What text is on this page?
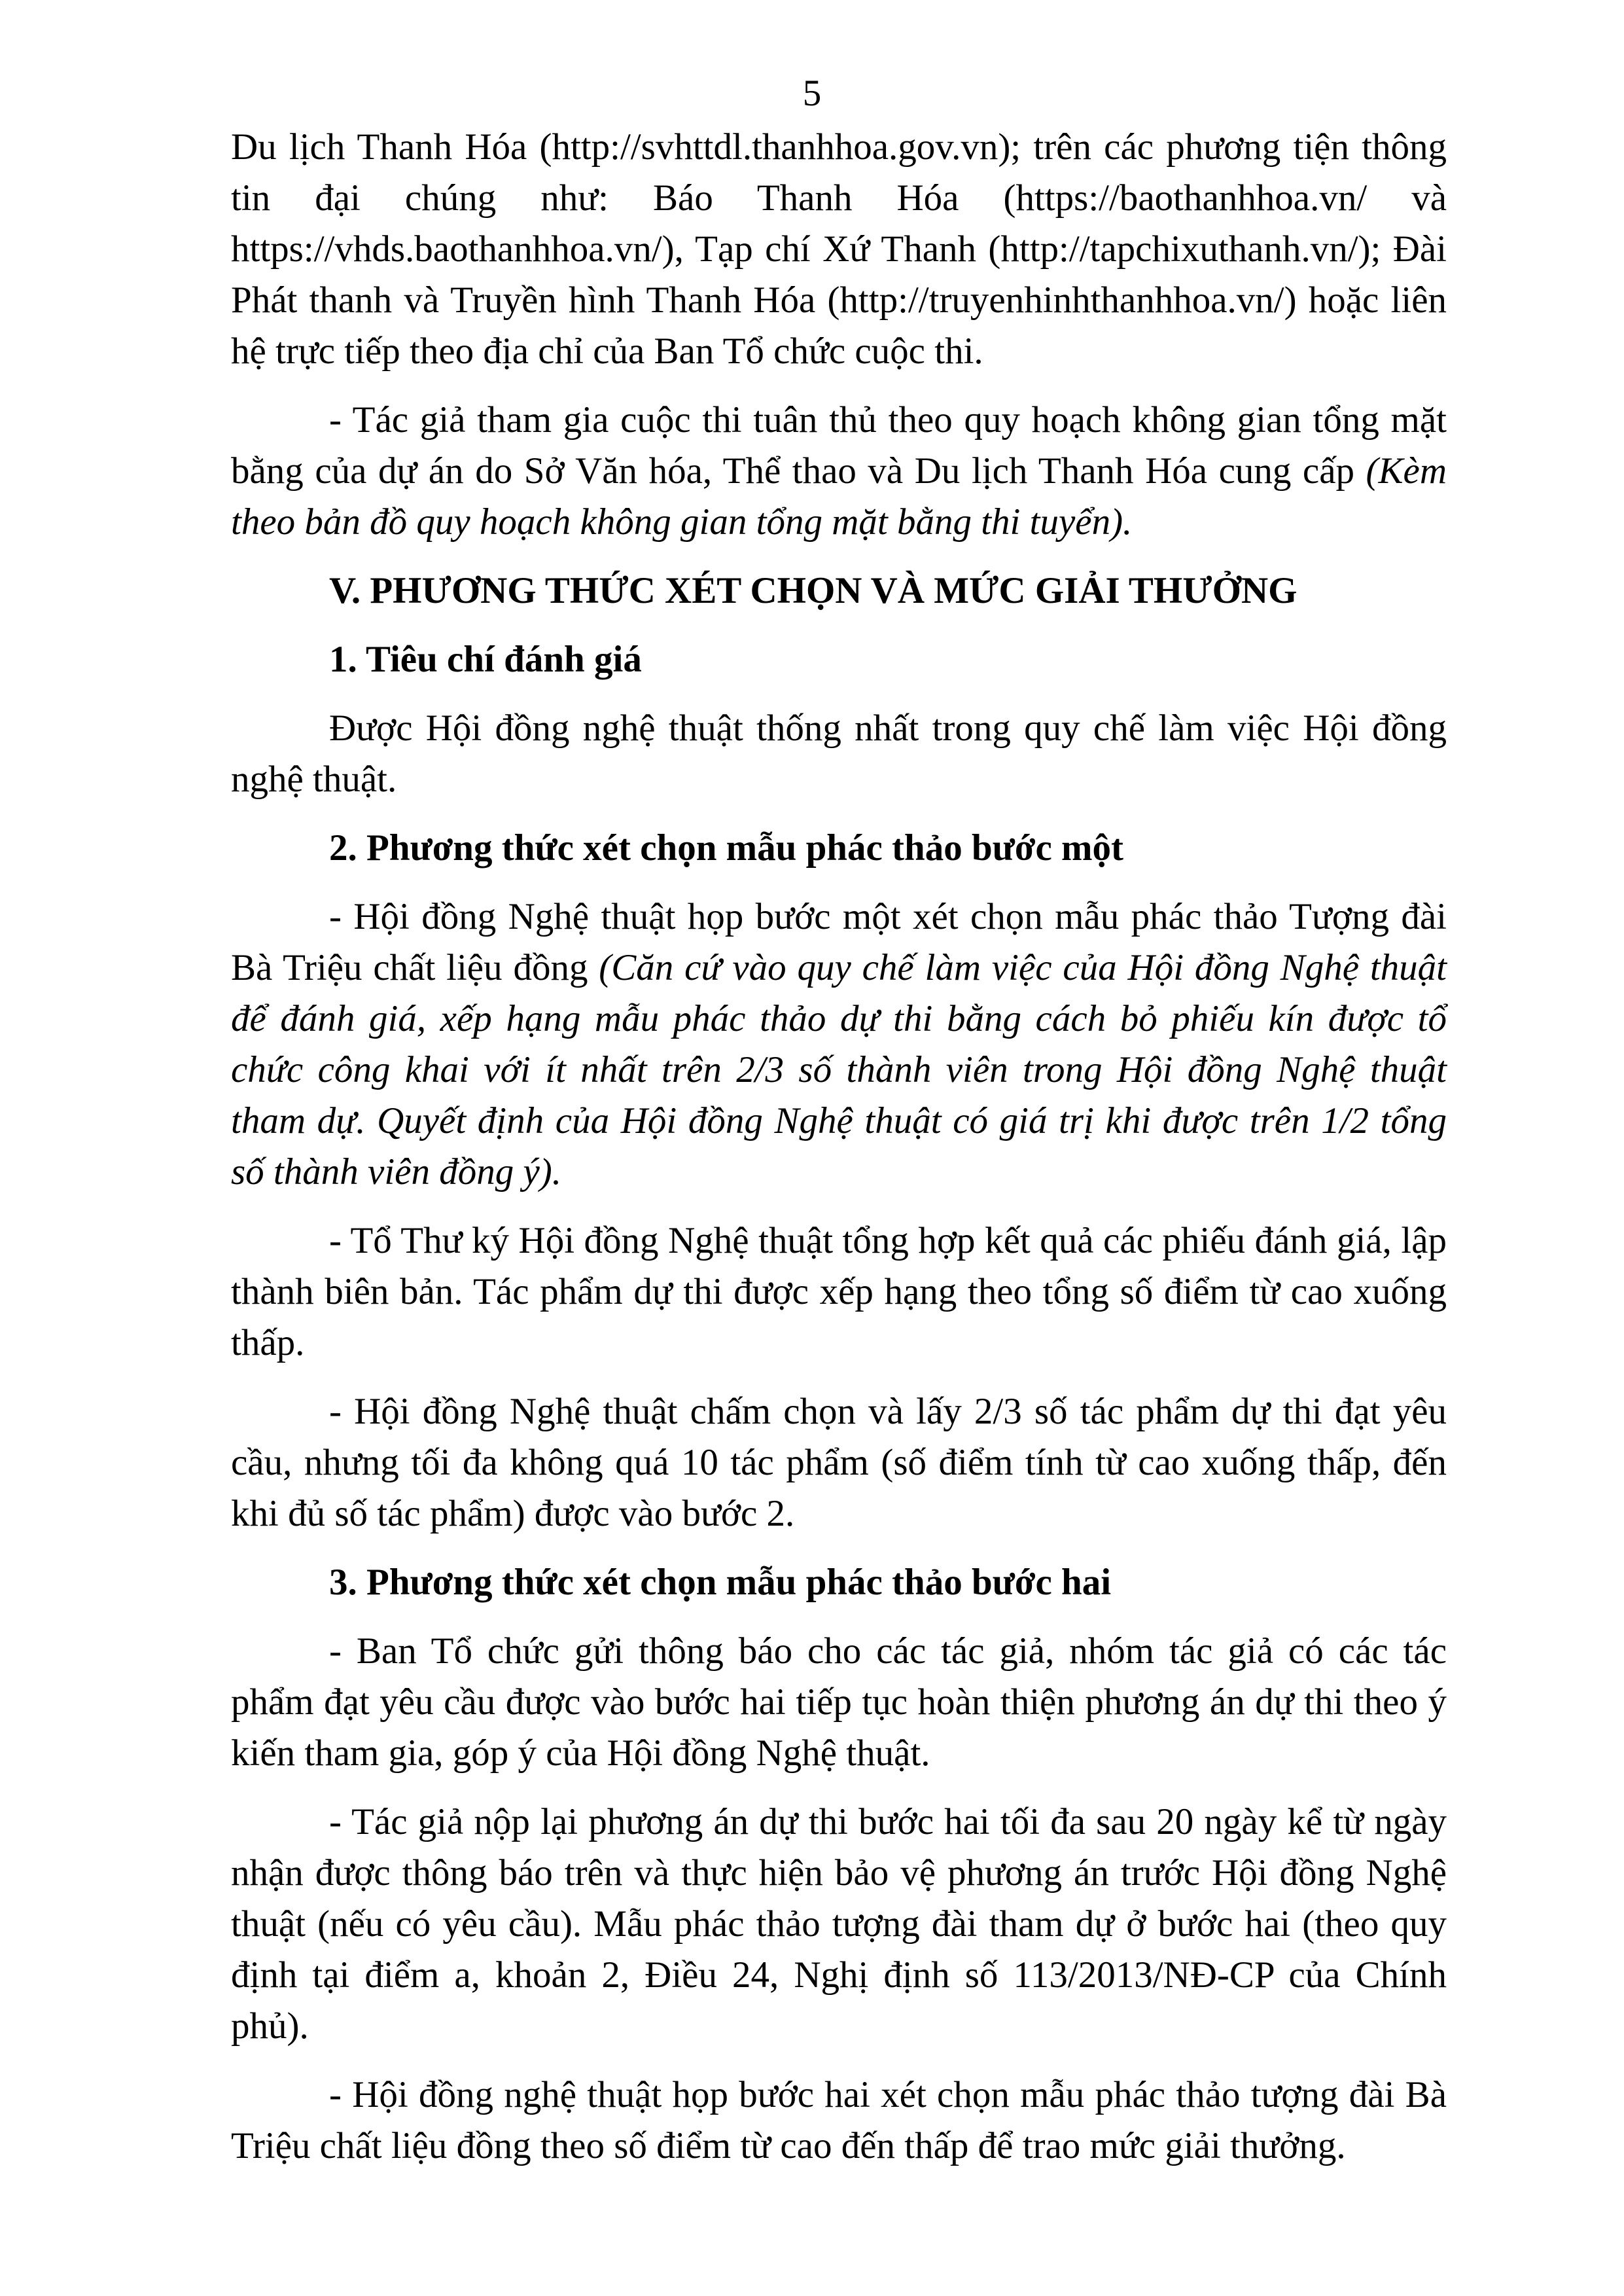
5

Du lịch Thanh Hóa (http://svhttdl.thanhhoa.gov.vn); trên các phương tiện thông tin đại chúng như: Báo Thanh Hóa (https://baothanhhoa.vn/ và https://vhds.baothanhhoa.vn/), Tạp chí Xứ Thanh (http://tapchixuthanh.vn/); Đài Phát thanh và Truyền hình Thanh Hóa (http://truyenhinhthanhhoa.vn/) hoặc liên hệ trực tiếp theo địa chỉ của Ban Tổ chức cuộc thi.

- Tác giả tham gia cuộc thi tuân thủ theo quy hoạch không gian tổng mặt bằng của dự án do Sở Văn hóa, Thể thao và Du lịch Thanh Hóa cung cấp (Kèm theo bản đồ quy hoạch không gian tổng mặt bằng thi tuyển).

V. PHƯƠNG THỨC XÉT CHỌN VÀ MỨC GIẢI THƯỞNG

1. Tiêu chí đánh giá

Được Hội đồng nghệ thuật thống nhất trong quy chế làm việc Hội đồng nghệ thuật.

2. Phương thức xét chọn mẫu phác thảo bước một

- Hội đồng Nghệ thuật họp bước một xét chọn mẫu phác thảo Tượng đài Bà Triệu chất liệu đồng (Căn cứ vào quy chế làm việc của Hội đồng Nghệ thuật để đánh giá, xếp hạng mẫu phác thảo dự thi bằng cách bỏ phiếu kín được tổ chức công khai với ít nhất trên 2/3 số thành viên trong Hội đồng Nghệ thuật tham dự. Quyết định của Hội đồng Nghệ thuật có giá trị khi được trên 1/2 tổng số thành viên đồng ý).

- Tổ Thư ký Hội đồng Nghệ thuật tổng hợp kết quả các phiếu đánh giá, lập thành biên bản. Tác phẩm dự thi được xếp hạng theo tổng số điểm từ cao xuống thấp.

- Hội đồng Nghệ thuật chấm chọn và lấy 2/3 số tác phẩm dự thi đạt yêu cầu, nhưng tối đa không quá 10 tác phẩm (số điểm tính từ cao xuống thấp, đến khi đủ số tác phẩm) được vào bước 2.

3. Phương thức xét chọn mẫu phác thảo bước hai

- Ban Tổ chức gửi thông báo cho các tác giả, nhóm tác giả có các tác phẩm đạt yêu cầu được vào bước hai tiếp tục hoàn thiện phương án dự thi theo ý kiến tham gia, góp ý của Hội đồng Nghệ thuật.

- Tác giả nộp lại phương án dự thi bước hai tối đa sau 20 ngày kể từ ngày nhận được thông báo trên và thực hiện bảo vệ phương án trước Hội đồng Nghệ thuật (nếu có yêu cầu). Mẫu phác thảo tượng đài tham dự ở bước hai (theo quy định tại điểm a, khoản 2, Điều 24, Nghị định số 113/2013/NĐ-CP của Chính phủ).

- Hội đồng nghệ thuật họp bước hai xét chọn mẫu phác thảo tượng đài Bà Triệu chất liệu đồng theo số điểm từ cao đến thấp để trao mức giải thưởng.
